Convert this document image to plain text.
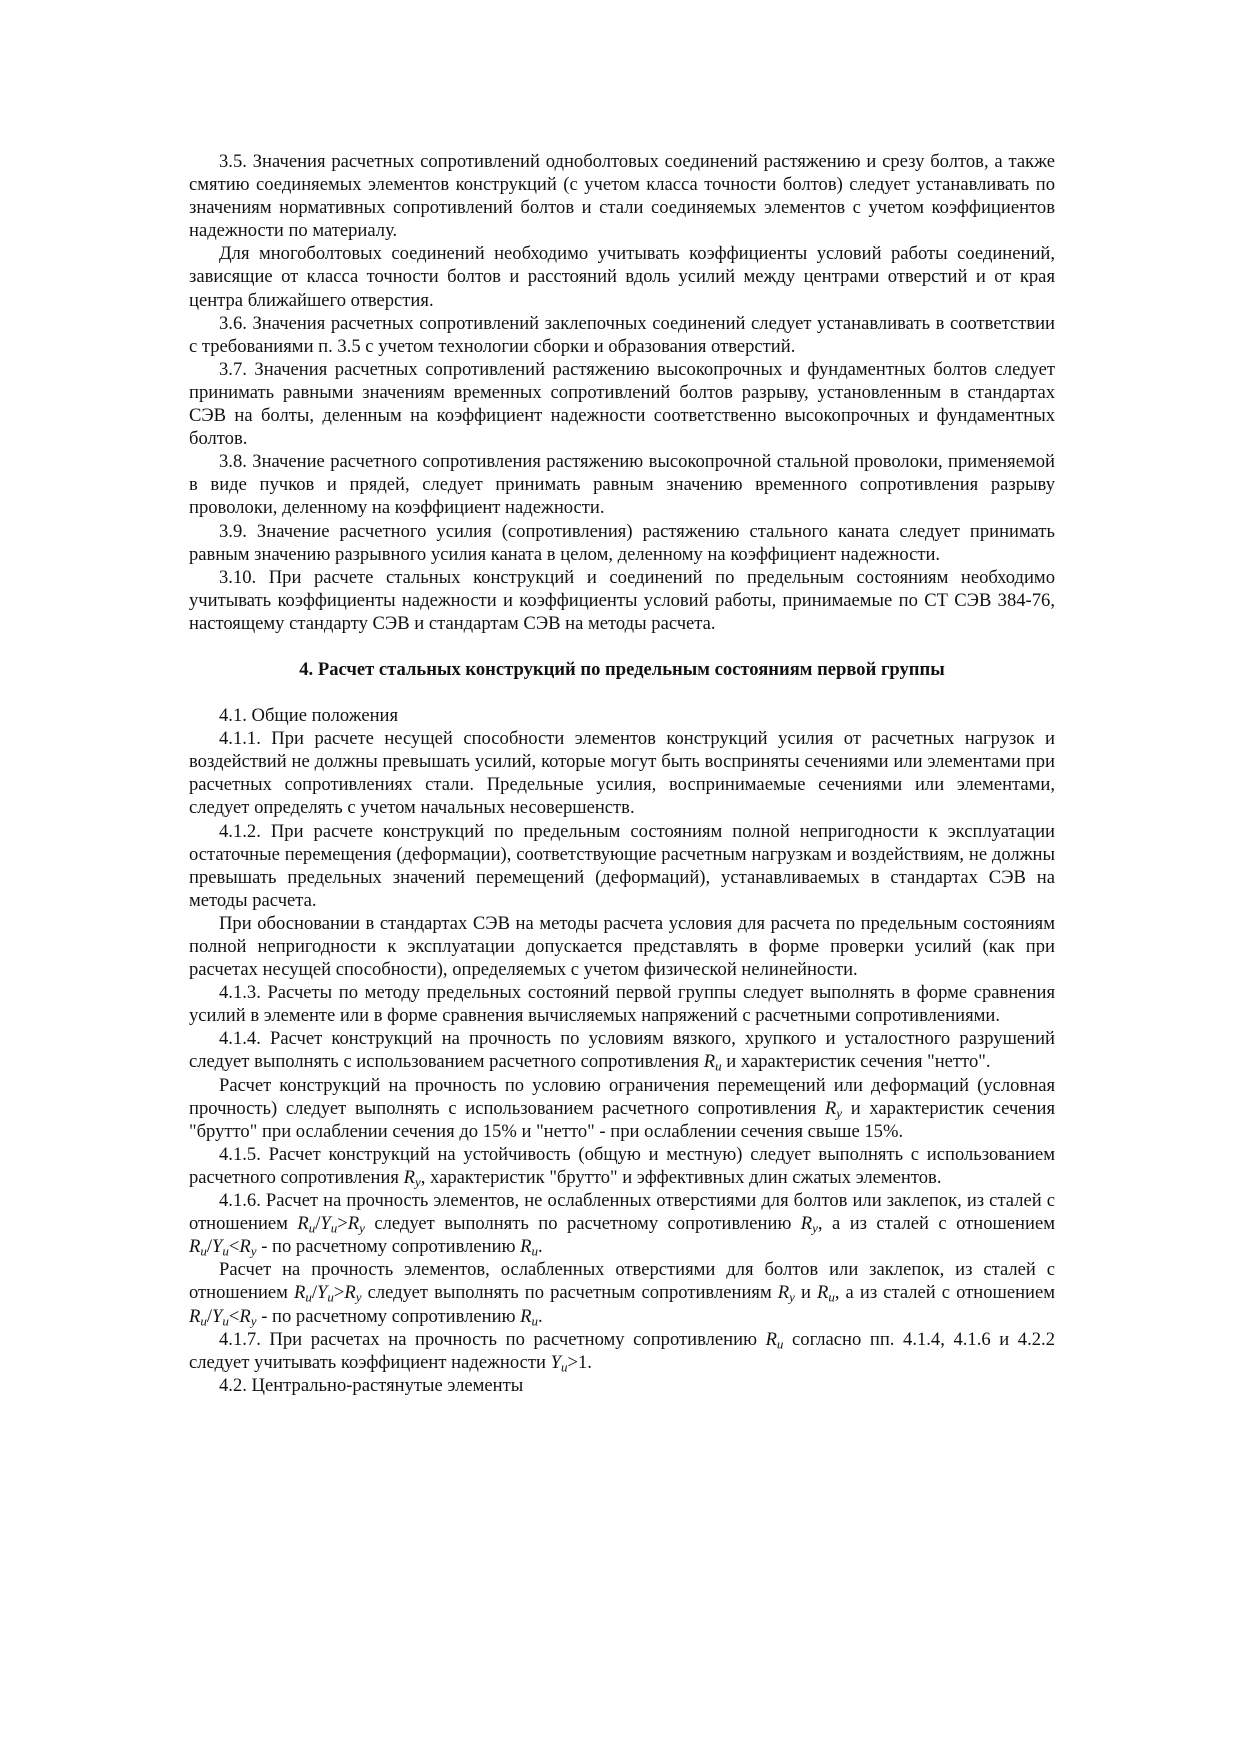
3.5. Значения расчетных сопротивлений одноболтовых соединений растяжению и срезу болтов, а также смятию соединяемых элементов конструкций (с учетом класса точности болтов) следует устанавливать по значениям нормативных сопротивлений болтов и стали соединяемых элементов с учетом коэффициентов надежности по материалу.

Для многоболтовых соединений необходимо учитывать коэффициенты условий работы соединений, зависящие от класса точности болтов и расстояний вдоль усилий между центрами отверстий и от края центра ближайшего отверстия.

3.6. Значения расчетных сопротивлений заклепочных соединений следует устанавливать в соответствии с требованиями п. 3.5 с учетом технологии сборки и образования отверстий.

3.7. Значения расчетных сопротивлений растяжению высокопрочных и фундаментных болтов следует принимать равными значениям временных сопротивлений болтов разрыву, установленным в стандартах СЭВ на болты, деленным на коэффициент надежности соответственно высокопрочных и фундаментных болтов.

3.8. Значение расчетного сопротивления растяжению высокопрочной стальной проволоки, применяемой в виде пучков и прядей, следует принимать равным значению временного сопротивления разрыву проволоки, деленному на коэффициент надежности.

3.9. Значение расчетного усилия (сопротивления) растяжению стального каната следует принимать равным значению разрывного усилия каната в целом, деленному на коэффициент надежности.

3.10. При расчете стальных конструкций и соединений по предельным состояниям необходимо учитывать коэффициенты надежности и коэффициенты условий работы, принимаемые по СТ СЭВ 384-76, настоящему стандарту СЭВ и стандартам СЭВ на методы расчета.

4. Расчет стальных конструкций по предельным состояниям первой группы

4.1. Общие положения

4.1.1. При расчете несущей способности элементов конструкций усилия от расчетных нагрузок и воздействий не должны превышать усилий, которые могут быть восприняты сечениями или элементами при расчетных сопротивлениях стали. Предельные усилия, воспринимаемые сечениями или элементами, следует определять с учетом начальных несовершенств.

4.1.2. При расчете конструкций по предельным состояниям полной непригодности к эксплуатации остаточные перемещения (деформации), соответствующие расчетным нагрузкам и воздействиям, не должны превышать предельных значений перемещений (деформаций), устанавливаемых в стандартах СЭВ на методы расчета.

При обосновании в стандартах СЭВ на методы расчета условия для расчета по предельным состояниям полной непригодности к эксплуатации допускается представлять в форме проверки усилий (как при расчетах несущей способности), определяемых с учетом физической нелинейности.

4.1.3. Расчеты по методу предельных состояний первой группы следует выполнять в форме сравнения усилий в элементе или в форме сравнения вычисляемых напряжений с расчетными сопротивлениями.

4.1.4. Расчет конструкций на прочность по условиям вязкого, хрупкого и усталостного разрушений следует выполнять с использованием расчетного сопротивления $R_u$ и характеристик сечения "нетто".

Расчет конструкций на прочность по условию ограничения перемещений или деформаций (условная прочность) следует выполнять с использованием расчетного сопротивления $R_y$ и характеристик сечения "брутто" при ослаблении сечения до 15% и "нетто" - при ослаблении сечения свыше 15%.

4.1.5. Расчет конструкций на устойчивость (общую и местную) следует выполнять с использованием расчетного сопротивления $R_y$, характеристик "брутто" и эффективных длин сжатых элементов.

4.1.6. Расчет на прочность элементов, не ослабленных отверстиями для болтов или заклепок, из сталей с отношением $R_u/Y_u>R_y$ следует выполнять по расчетному сопротивлению $R_y$, а из сталей с отношением $R_u/Y_u<R_y$ - по расчетному сопротивлению $R_u$.

Расчет на прочность элементов, ослабленных отверстиями для болтов или заклепок, из сталей с отношением $R_u/Y_u>R_y$ следует выполнять по расчетным сопротивлениям $R_y$ и $R_u$, а из сталей с отношением $R_u/Y_u<R_y$ - по расчетному сопротивлению $R_u$.

4.1.7. При расчетах на прочность по расчетному сопротивлению $R_u$ согласно пп. 4.1.4, 4.1.6 и 4.2.2 следует учитывать коэффициент надежности $Y_u>1$.

4.2. Центрально-растянутые элементы
